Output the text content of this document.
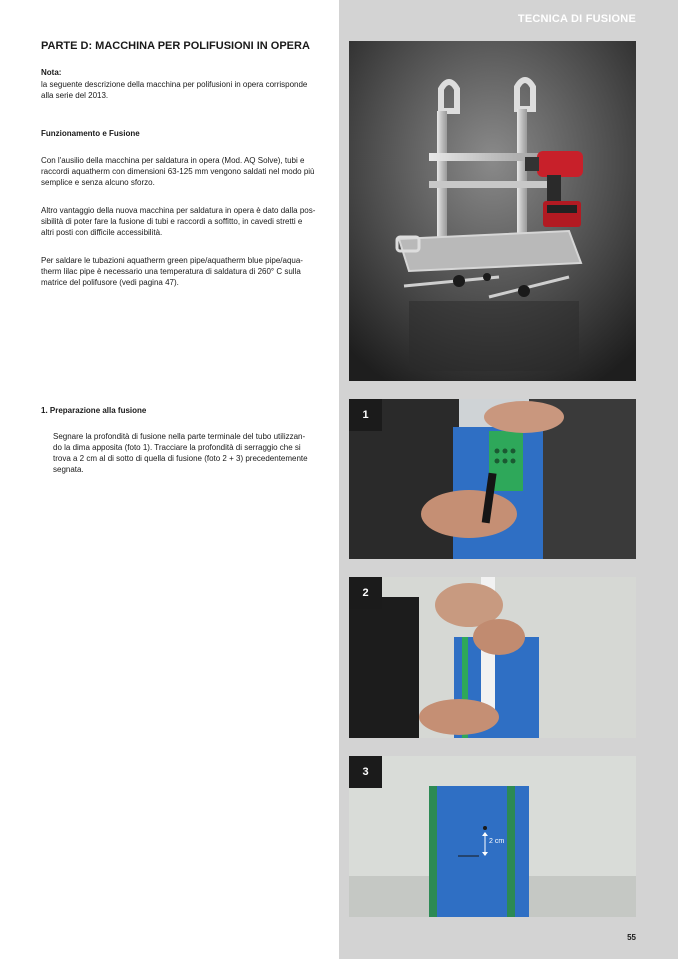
TECNICA DI FUSIONE
PARTE D: MACCHINA PER POLIFUSIONI IN OPERA

Nota:

la seguente descrizione della macchina per polifusioni in opera corrisponde

alla serie del 2013.

Funzionamento e Fusione

Con l'ausilio della macchina per saldatura in opera (Mod. AQ Solve), tubi e
raccordi aquatherm con dimensioni 63-125 mm vengono saldati nel modo più
semplice e senza alcuno sforzo.

Altro vantaggio della nuova macchina per saldatura in opera è dato dalla pos-
sibilità di poter fare la fusione di tubi e raccordi a soffitto, in cavedi stretti e
altri posti con difficile accessibilità.

Per saldare le tubazioni aquatherm green pipe/aquatherm blue pipe/aqua-
therm lilac pipe è necessario una temperatura di saldatura di 260° C sulla
matrice del polifusore (vedi pagina 47).

1. Preparazione alla fusione

Segnare la profondità di fusione nella parte terminale del tubo utilizzan-
do la dima apposita (foto 1). Tracciare la profondità di serraggio che si
trova a 2 cm al di sotto di quella di fusione (foto 2 + 3) precedentemente
segnata.

1
2
3
2 cm
55
